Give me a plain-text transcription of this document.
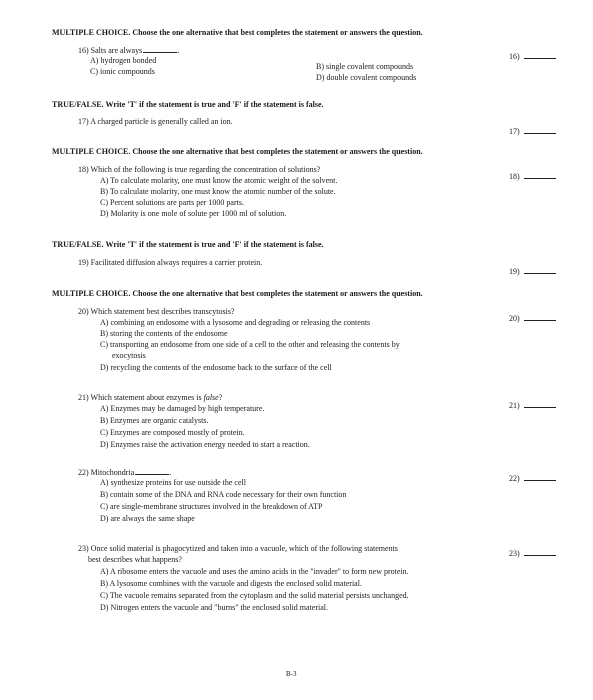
MULTIPLE CHOICE. Choose the one alternative that best completes the statement or answers the question.
16) Salts are always	.
A) hydrogen bonded
C) ionic compounds
B) single covalent compounds
D) double covalent compounds
16)
TRUE/FALSE. Write 'T' if the statement is true and 'F' if the statement is false.
17) A charged particle is generally called an ion.
17)
MULTIPLE CHOICE. Choose the one alternative that best completes the statement or answers the question.
18) Which of the following is true regarding the concentration of solutions?
A) To calculate molarity, one must know the atomic weight of the solvent.
B) To calculate molarity, one must know the atomic number of the solute.
C) Percent solutions are parts per 1000 parts.
D) Molarity is one mole of solute per 1000 ml of solution.
18)
TRUE/FALSE. Write 'T' if the statement is true and 'F' if the statement is false.
19) Facilitated diffusion always requires a carrier protein.
19)
MULTIPLE CHOICE. Choose the one alternative that best completes the statement or answers the question.
20) Which statement best describes transcytosis?
A) combining an endosome with a lysosome and degrading or releasing the contents
B) storing the contents of the endosome
C) transporting an endosome from one side of a cell to the other and releasing the contents by
exocytosis
D) recycling the contents of the endosome back to the surface of the cell
20)
21) Which statement about enzymes is false?
A) Enzymes may be damaged by high temperature.
B) Enzymes are organic catalysts.
C) Enzymes are composed mostly of protein.
D) Enzymes raise the activation energy needed to start a reaction.
21)
22) Mitochondria	.
A) synthesize proteins for use outside the cell
B) contain some of the DNA and RNA code necessary for their own function
C) are single-membrane structures involved in the breakdown of ATP
D) are always the same shape
22)
23) Once solid material is phagocytized and taken into a vacuole, which of the following statements
best describes what happens?
A) A ribosome enters the vacuole and uses the amino acids in the "invader" to form new protein.
B) A lysosome combines with the vacuole and digests the enclosed solid material.
C) The vacuole remains separated from the cytoplasm and the solid material persists unchanged.
D) Nitrogen enters the vacuole and "burns" the enclosed solid material.
23)
B-3
